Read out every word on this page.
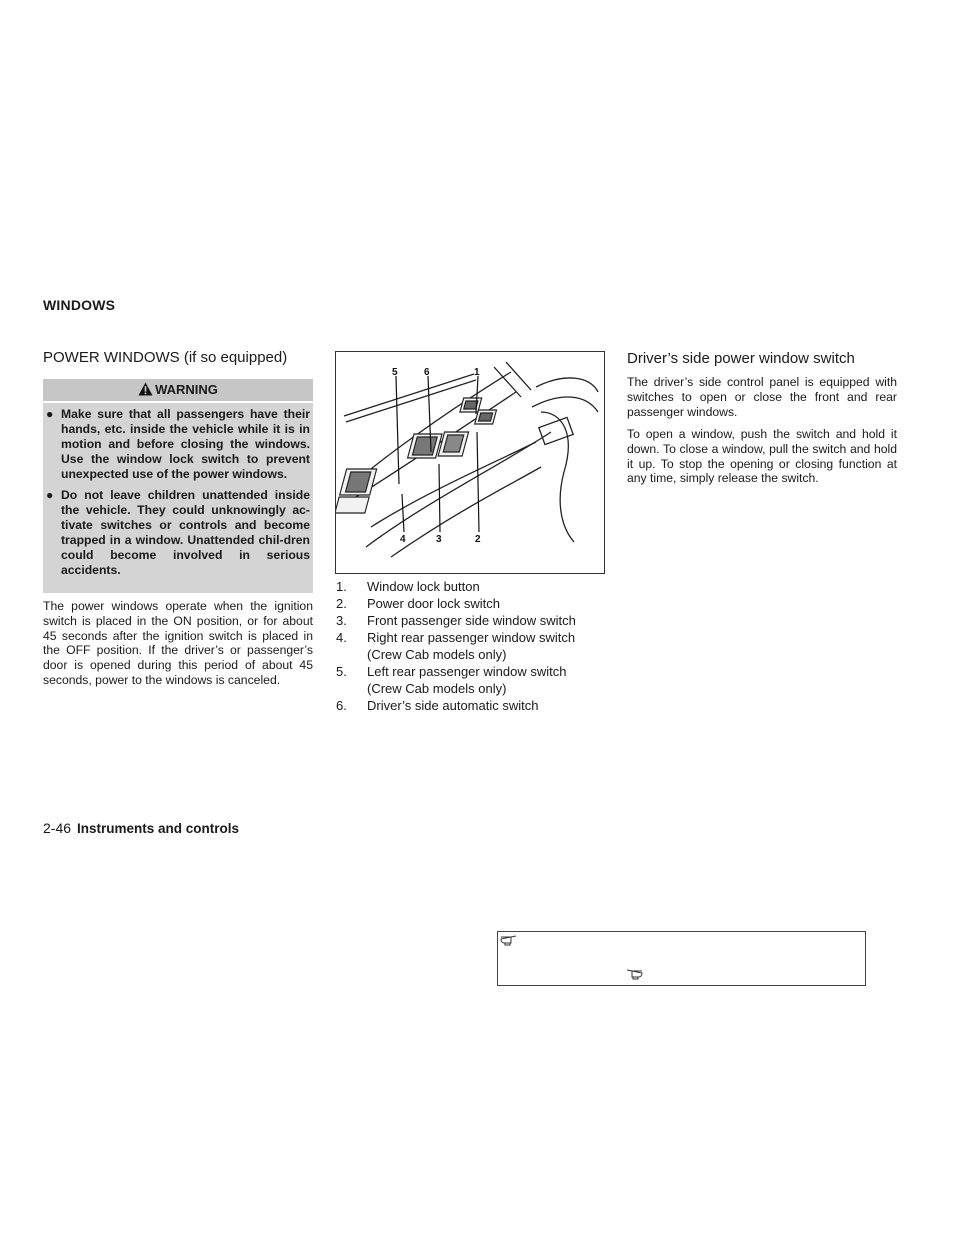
WINDOWS
POWER WINDOWS (if so equipped)
WARNING
● Make sure that all passengers have their hands, etc. inside the vehicle while it is in motion and before closing the windows. Use the window lock switch to prevent unexpected use of the power windows.
● Do not leave children unattended inside the vehicle. They could unknowingly ac-tivate switches or controls and become trapped in a window. Unattended chil-dren could become involved in serious accidents.
The power windows operate when the ignition switch is placed in the ON position, or for about 45 seconds after the ignition switch is placed in the OFF position. If the driver’s or passenger’s door is opened during this period of about 45 seconds, power to the windows is canceled.
5	6	1
4	3	2
1.	Window lock button
2.	Power door lock switch
3.	Front passenger side window switch
4.	Right rear passenger window switch (Crew Cab models only)
5.	Left rear passenger window switch (Crew Cab models only)
6.	Driver’s side automatic switch
Driver’s side power window switch
The driver’s side control panel is equipped with switches to open or close the front and rear passenger windows.
To open a window, push the switch and hold it down. To close a window, pull the switch and hold it up. To stop the opening or closing function at any time, simply release the switch.
2-46 Instruments and controls
